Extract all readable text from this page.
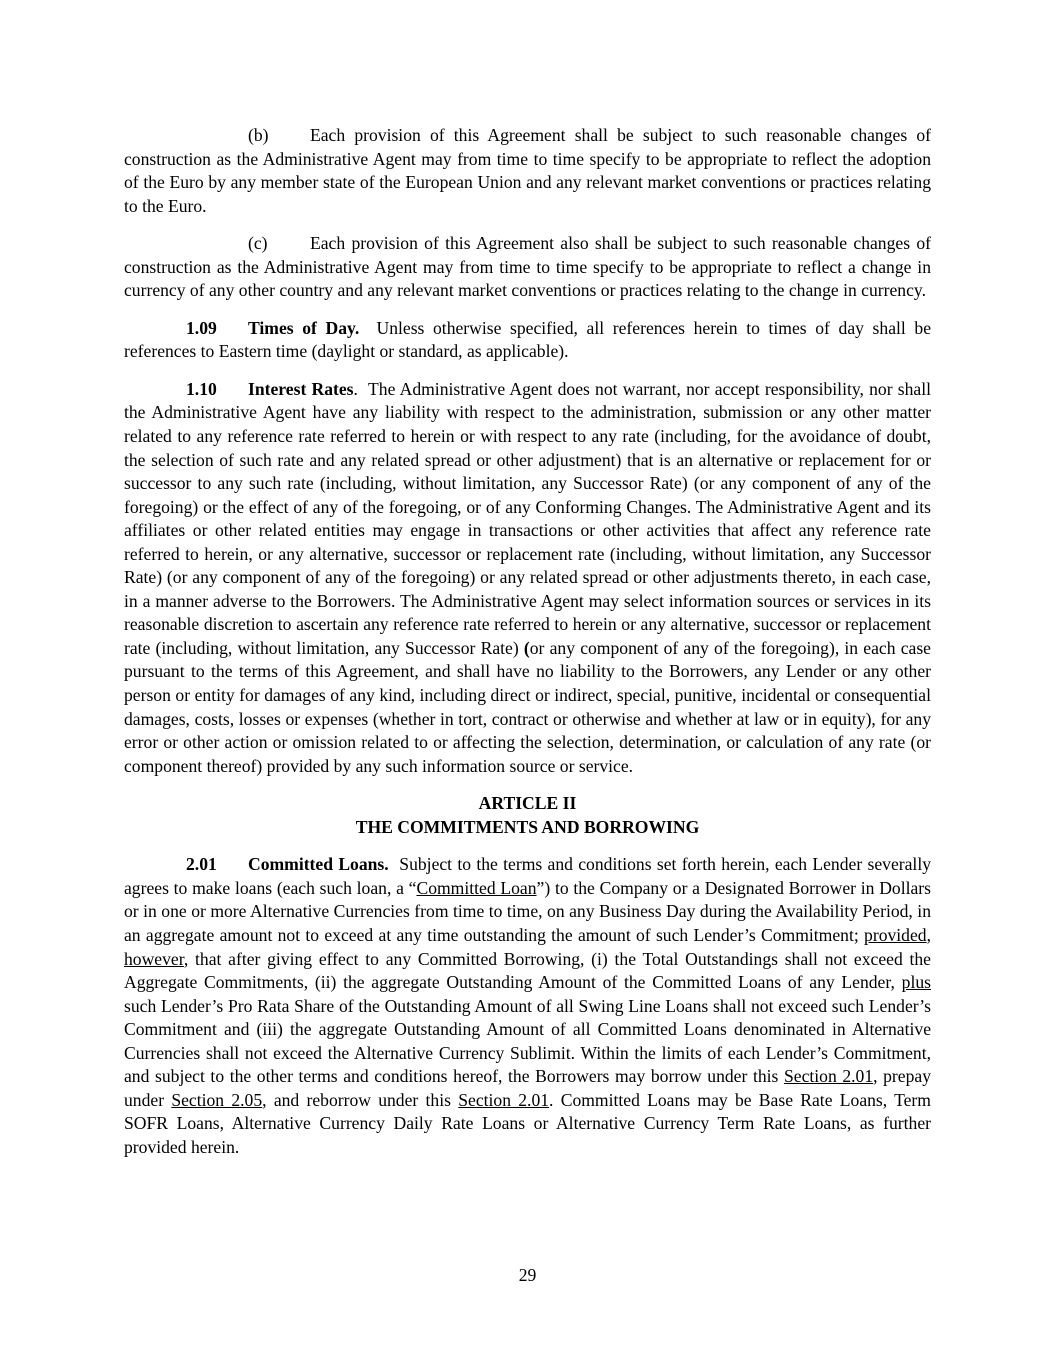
(b) Each provision of this Agreement shall be subject to such reasonable changes of construction as the Administrative Agent may from time to time specify to be appropriate to reflect the adoption of the Euro by any member state of the European Union and any relevant market conventions or practices relating to the Euro.

(c) Each provision of this Agreement also shall be subject to such reasonable changes of construction as the Administrative Agent may from time to time specify to be appropriate to reflect a change in currency of any other country and any relevant market conventions or practices relating to the change in currency.

1.09 Times of Day. Unless otherwise specified, all references herein to times of day shall be references to Eastern time (daylight or standard, as applicable).

1.10 Interest Rates. The Administrative Agent does not warrant, nor accept responsibility, nor shall the Administrative Agent have any liability with respect to the administration, submission or any other matter related to any reference rate referred to herein or with respect to any rate (including, for the avoidance of doubt, the selection of such rate and any related spread or other adjustment) that is an alternative or replacement for or successor to any such rate (including, without limitation, any Successor Rate) (or any component of any of the foregoing) or the effect of any of the foregoing, or of any Conforming Changes. The Administrative Agent and its affiliates or other related entities may engage in transactions or other activities that affect any reference rate referred to herein, or any alternative, successor or replacement rate (including, without limitation, any Successor Rate) (or any component of any of the foregoing) or any related spread or other adjustments thereto, in each case, in a manner adverse to the Borrowers. The Administrative Agent may select information sources or services in its reasonable discretion to ascertain any reference rate referred to herein or any alternative, successor or replacement rate (including, without limitation, any Successor Rate) (or any component of any of the foregoing), in each case pursuant to the terms of this Agreement, and shall have no liability to the Borrowers, any Lender or any other person or entity for damages of any kind, including direct or indirect, special, punitive, incidental or consequential damages, costs, losses or expenses (whether in tort, contract or otherwise and whether at law or in equity), for any error or other action or omission related to or affecting the selection, determination, or calculation of any rate (or component thereof) provided by any such information source or service.

ARTICLE II
THE COMMITMENTS AND BORROWING

2.01 Committed Loans. Subject to the terms and conditions set forth herein, each Lender severally agrees to make loans (each such loan, a “Committed Loan”) to the Company or a Designated Borrower in Dollars or in one or more Alternative Currencies from time to time, on any Business Day during the Availability Period, in an aggregate amount not to exceed at any time outstanding the amount of such Lender’s Commitment; provided, however, that after giving effect to any Committed Borrowing, (i) the Total Outstandings shall not exceed the Aggregate Commitments, (ii) the aggregate Outstanding Amount of the Committed Loans of any Lender, plus such Lender’s Pro Rata Share of the Outstanding Amount of all Swing Line Loans shall not exceed such Lender’s Commitment and (iii) the aggregate Outstanding Amount of all Committed Loans denominated in Alternative Currencies shall not exceed the Alternative Currency Sublimit. Within the limits of each Lender’s Commitment, and subject to the other terms and conditions hereof, the Borrowers may borrow under this Section 2.01, prepay under Section 2.05, and reborrow under this Section 2.01. Committed Loans may be Base Rate Loans, Term SOFR Loans, Alternative Currency Daily Rate Loans or Alternative Currency Term Rate Loans, as further provided herein.

29
